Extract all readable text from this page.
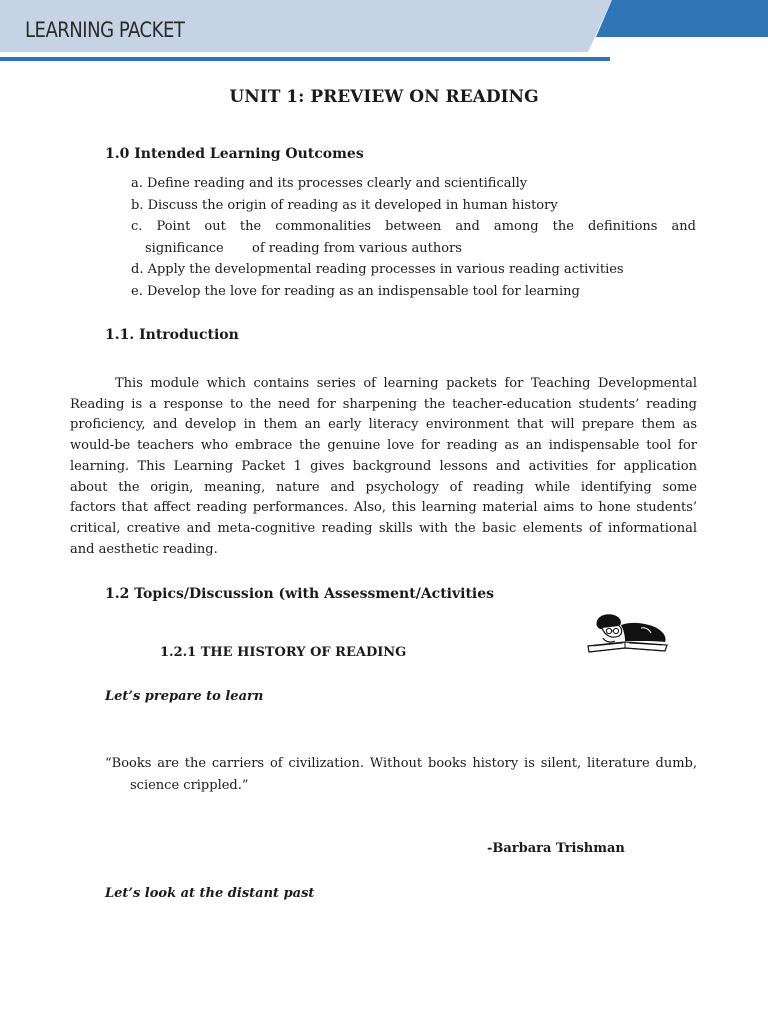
LEARNING PACKET
UNIT 1: PREVIEW ON READING
1.0 Intended Learning Outcomes
a. Define reading and its processes clearly and scientifically
b. Discuss the origin of reading as it developed in human history
c. Point out the commonalities between and among the definitions and
significance of reading from various authors
d. Apply the developmental reading processes in various reading activities
e. Develop the love for reading as an indispensable tool for learning
1.1. Introduction

This module which contains series of learning packets for Teaching Developmental
Reading is a response to the need for sharpening the teacher-education students’ reading
proficiency, and develop in them an early literacy environment that will prepare them as
would-be teachers who embrace the genuine love for reading as an indispensable tool for
learning. This Learning Packet 1 gives background lessons and activities for application
about the origin, meaning, nature and psychology of reading while identifying some
factors that affect reading performances. Also, this learning material aims to hone students’
critical, creative and meta-cognitive reading skills with the basic elements of informational
and aesthetic reading.

1.2 Topics/Discussion (with Assessment/Activities
1.2.1 THE HISTORY OF READING
Let’s prepare to learn
“Books are the carriers of civilization. Without books history is silent, literature dumb,
science crippled.”
-Barbara Trishman
Let’s look at the distant past
